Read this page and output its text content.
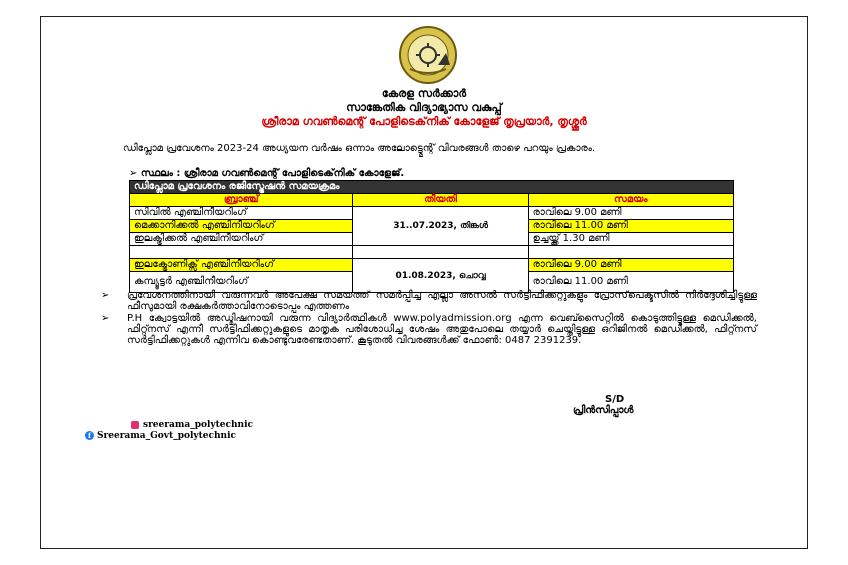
കേരള സർക്കാർ
സാങ്കേതിക വിദ്യാഭ്യാസ വകുപ്പ്
ശ്രീരാമ ഗവൺമെന്റ് പോളിടെക്‌നിക് കോളേജ് തൃപ്രയാർ, തൃശ്ശൂർ
ഡിപ്ലോമ പ്രവേശനം 2023-24 അധ്യയന വർഷം ഒന്നാം അലോട്ട്മെന്റ് വിവരങ്ങൾ താഴെ പറയും പ്രകാരം.
➢ സ്ഥലം : ശ്രീരാമ ഗവൺമെന്റ് പോളിടെക്‌നിക് കോളേജ്.
ഡിപ്ലോമ പ്രവേശനം രജിസ്ട്രേഷൻ സമയക്രമം		
ബ്രാഞ്ച്	തീയതി	സമയം
സിവിൽ എഞ്ചിനീയറിംഗ്	31..07.2023, തിങ്കൾ	രാവിലെ 9.00 മണി
മെക്കാനിക്കൽ എഞ്ചിനീയറിംഗ്		രാവിലെ 11.00 മണി
ഇലക്ട്രിക്കൽ എഞ്ചിനീയറിംഗ്		ഉച്ചയ്ക്ക് 1.30 മണി

ഇലക്ട്രോണിക്സ് എഞ്ചിനീയറിംഗ്	01.08.2023, ചൊവ്വ	രാവിലെ 9.00 മണി
കമ്പ്യൂട്ടർ എഞ്ചിനീയറിംഗ്		രാവിലെ 11.00 മണി
➢ പ്രവേശനത്തിനായി വരുന്നവർ അപേക്ഷ സമയത്ത് സമർപ്പിച്ച എല്ലാ അസൽ സർട്ടിഫിക്കറ്റുകളും പ്രോസ്‌പെക്ടസിൽ നിർദ്ദേശിച്ചിട്ടുള്ള ഫീസുമായി രക്ഷകർത്താവിനോടൊപ്പം എത്തണം
➢ P.H ക്വോട്ടയിൽ അഡ്മിഷനായി വരുന്ന വിദ്യാർത്ഥികൾ www.polyadmission.org എന്ന വെബ്സൈറ്റിൽ കൊടുത്തിട്ടുള്ള മെഡിക്കൽ, ഫിറ്റ്നസ് എന്നീ സർട്ടിഫിക്കറ്റുകളുടെ മാതൃക പരിശോധിച്ച ശേഷം അതുപോലെ തയ്യാർ ചെയ്തിട്ടുള്ള ഒറിജിനൽ മെഡിക്കൽ, ഫിറ്റ്നസ് സർട്ടിഫിക്കറ്റുകൾ എന്നിവ കൊണ്ടുവരേണ്ടതാണ്. കൂടുതൽ വിവരങ്ങൾക്ക് ഫോൺ: 0487 2391239.
S/D
പ്രിൻസിപ്പാൾ
sreerama_polytechnic
f Sreerama_Govt_polytechnic
